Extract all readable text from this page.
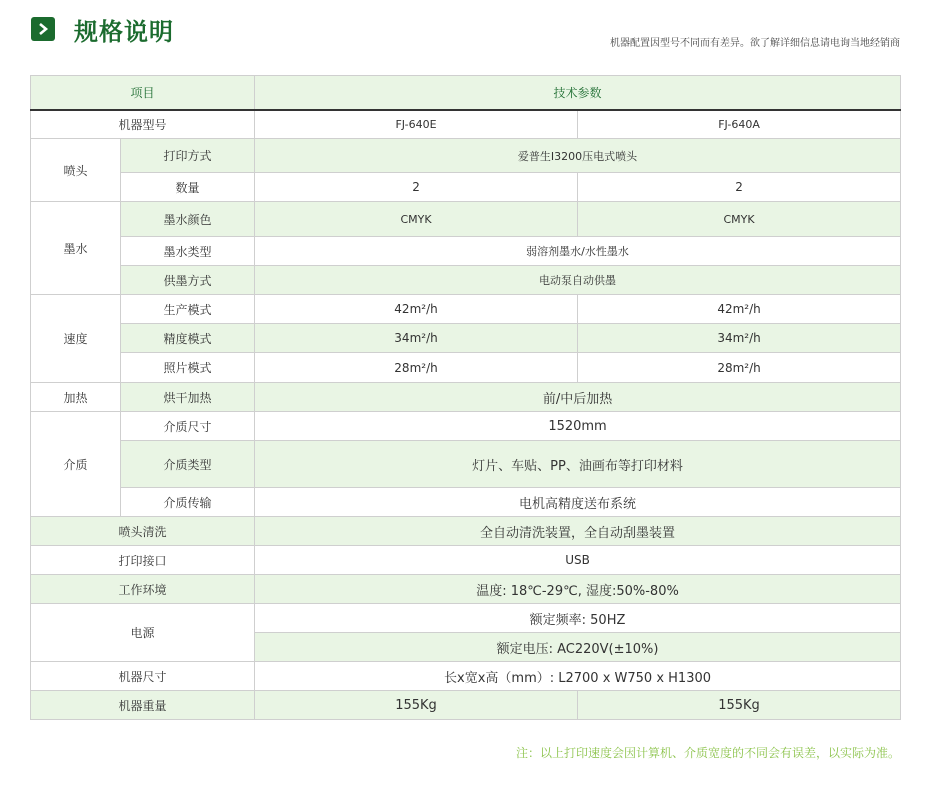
规格说明	机器配置因型号不同而有差异。欲了解详细信息请电询当地经销商
项目		技术参数	
机器型号		FJ-640E	FJ-640A
喷头	打印方式	爱普生I3200压电式喷头	
	数量	2	2
墨水	墨水颜色	CMYK	CMYK
	墨水类型	弱溶剂墨水/水性墨水	
	供墨方式	电动泵自动供墨	
速度	生产模式	42m²/h	42m²/h
	精度模式	34m²/h	34m²/h
	照片模式	28m²/h	28m²/h
加热	烘干加热	前/中后加热	
介质	介质尺寸	1520mm	
	介质类型	灯片、车贴、PP、油画布等打印材料	
	介质传输	电机高精度送布系统	
喷头清洗		全自动清洗装置，全自动刮墨装置	
打印接口		USB	
工作环境		温度: 18℃-29℃, 湿度:50%-80%	
电源		额定频率: 50HZ	
		额定电压: AC220V(±10%)	
机器尺寸		长x宽x高（mm）: L2700 x W750 x H1300	
机器重量		155Kg	155Kg
注：以上打印速度会因计算机、介质宽度的不同会有误差，以实际为准。
